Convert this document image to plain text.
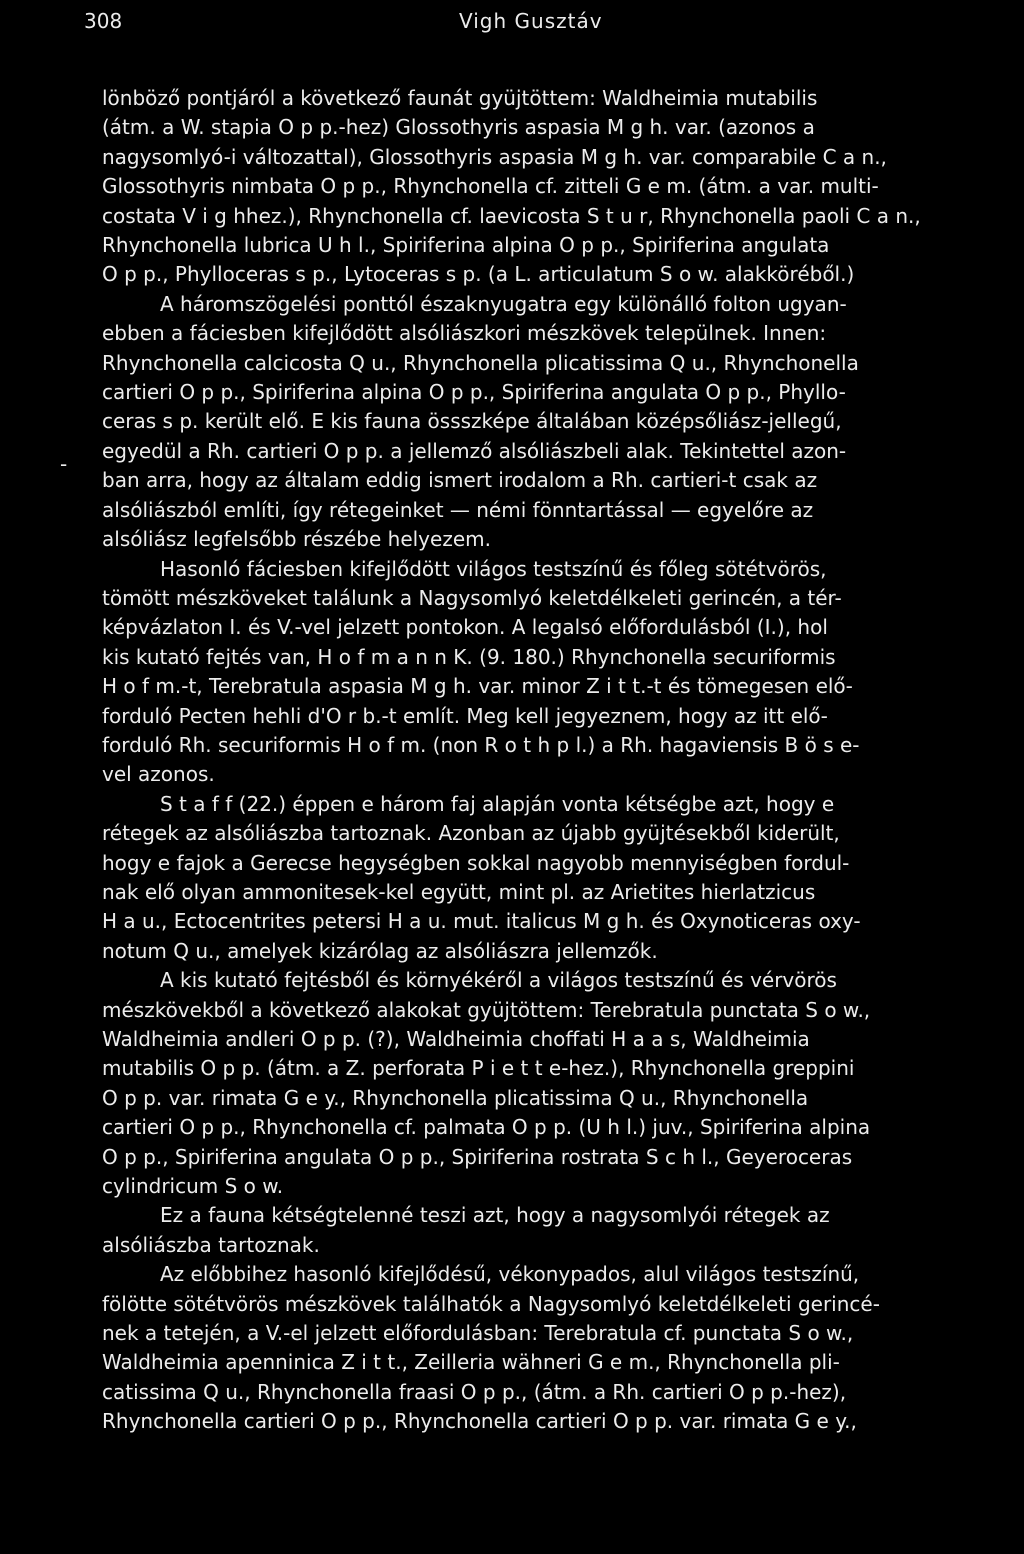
308	Vigh Gusztáv
-
lönböző pontjáról a következő faunát gyüjtöttem: Waldheimia mutabilis
(átm. a W. stapia O p p.-hez) Glossothyris aspasia M g h. var. (azonos a
nagysomlyó-i változattal), Glossothyris aspasia M g h. var. comparabile C a n.,
Glossothyris nimbata O p p., Rhynchonella cf. zitteli G e m. (átm. a var. multi-
costata V i g hhez.), Rhynchonella cf. laevicosta S t u r, Rhynchonella paoli C a n.,
Rhynchonella lubrica U h l., Spiriferina alpina O p p., Spiriferina angulata
O p p., Phylloceras s p., Lytoceras s p. (a L. articulatum S o w. alakköréből.)
A háromszögelési ponttól északnyugatra egy különálló folton ugyan-
ebben a fáciesben kifejlődött alsóliászkori mészkövek települnek. Innen:
Rhynchonella calcicosta Q u., Rhynchonella plicatissima Q u., Rhynchonella
cartieri O p p., Spiriferina alpina O p p., Spiriferina angulata O p p., Phyllo-
ceras s p. került elő. E kis fauna össszképe általában középsőliász-jellegű,
egyedül a Rh. cartieri O p p. a jellemző alsóliászbeli alak. Tekintettel azon-
ban arra, hogy az általam eddig ismert irodalom a Rh. cartieri-t csak az
alsóliászból említi, így rétegeinket — némi fönntartással — egyelőre az
alsóliász legfelsőbb részébe helyezem.
Hasonló fáciesben kifejlődött világos testszínű és főleg sötétvörös,
tömött mészköveket találunk a Nagysomlyó keletdélkeleti gerincén, a tér-
képvázlaton I. és V.-vel jelzett pontokon. A legalsó előfordulásból (I.), hol
kis kutató fejtés van, H o f m a n n K. (9. 180.) Rhynchonella securiformis
H o f m.-t, Terebratula aspasia M g h. var. minor Z i t t.-t és tömegesen elő-
forduló Pecten hehli d'O r b.-t említ. Meg kell jegyeznem, hogy az itt elő-
forduló Rh. securiformis H o f m. (non R o t h p l.) a Rh. hagaviensis B ö s e-
vel azonos.
S t a f f (22.) éppen e három faj alapján vonta kétségbe azt, hogy e
rétegek az alsóliászba tartoznak. Azonban az újabb gyüjtésekből kiderült,
hogy e fajok a Gerecse hegységben sokkal nagyobb mennyiségben fordul-
nak elő olyan ammonitesek-kel együtt, mint pl. az Arietites hierlatzicus
H a u., Ectocentrites petersi H a u. mut. italicus M g h. és Oxynoticeras oxy-
notum Q u., amelyek kizárólag az alsóliászra jellemzők.
A kis kutató fejtésből és környékéről a világos testszínű és vérvörös
mészkövekből a következő alakokat gyüjtöttem: Terebratula punctata S o w.,
Waldheimia andleri O p p. (?), Waldheimia choffati H a a s, Waldheimia
mutabilis O p p. (átm. a Z. perforata P i e t t e-hez.), Rhynchonella greppini
O p p. var. rimata G e y., Rhynchonella plicatissima Q u., Rhynchonella
cartieri O p p., Rhynchonella cf. palmata O p p. (U h l.) juv., Spiriferina alpina
O p p., Spiriferina angulata O p p., Spiriferina rostrata S c h l., Geyeroceras
cylindricum S o w.
Ez a fauna kétségtelenné teszi azt, hogy a nagysomlyói rétegek az
alsóliászba tartoznak.
Az előbbihez hasonló kifejlődésű, vékonypados, alul világos testszínű,
fölötte sötétvörös mészkövek találhatók a Nagysomlyó keletdélkeleti gerincé-
nek a tetején, a V.-el jelzett előfordulásban: Terebratula cf. punctata S o w.,
Waldheimia apenninica Z i t t., Zeilleria wähneri G e m., Rhynchonella pli-
catissima Q u., Rhynchonella fraasi O p p., (átm. a Rh. cartieri O p p.-hez),
Rhynchonella cartieri O p p., Rhynchonella cartieri O p p. var. rimata G e y.,
